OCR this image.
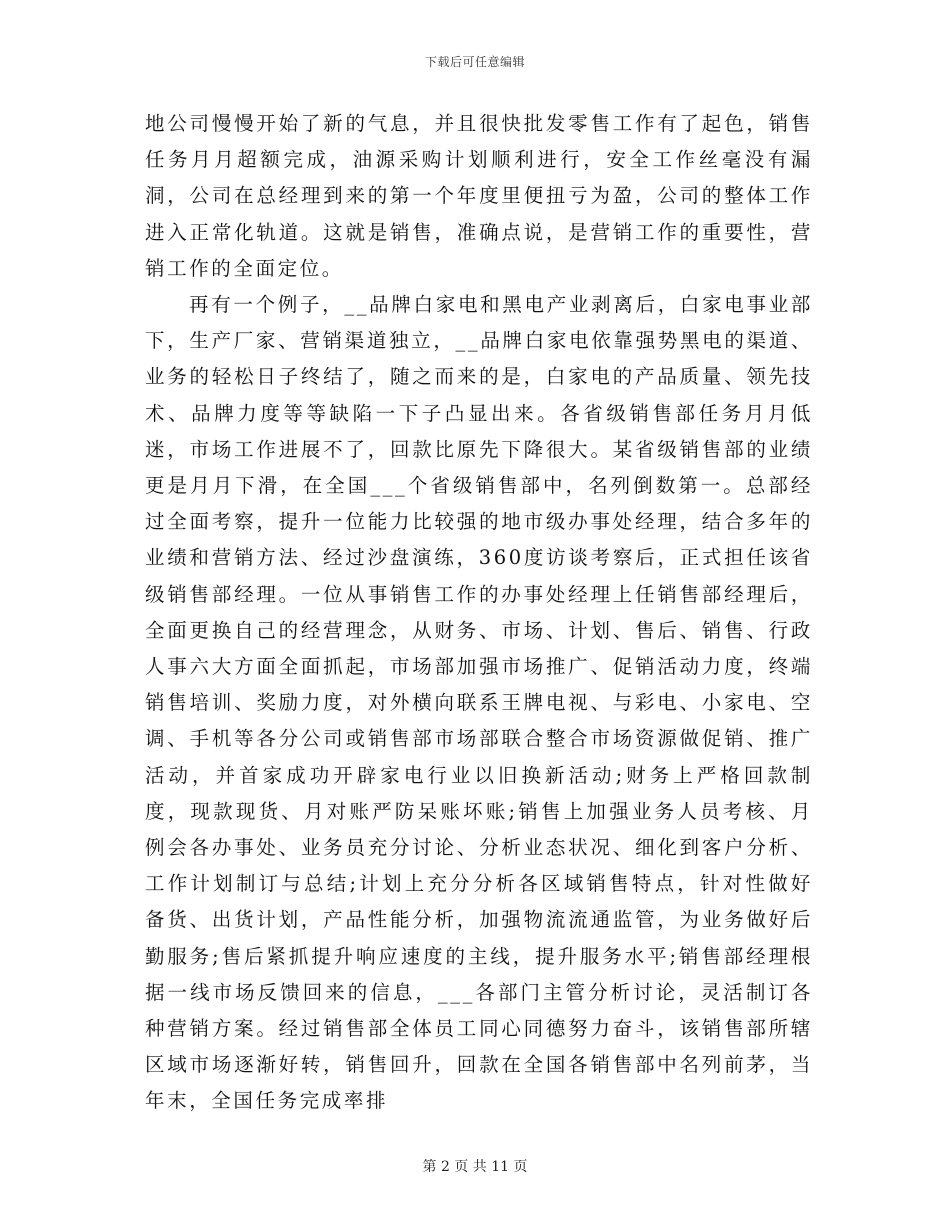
下载后可任意编辑

地公司慢慢开始了新的气息，并且很快批发零售工作有了起色，销售任务月月超额完成，油源采购计划顺利进行，安全工作丝毫没有漏洞，公司在总经理到来的第一个年度里便扭亏为盈，公司的整体工作进入正常化轨道。这就是销售，准确点说，是营销工作的重要性，营销工作的全面定位。

再有一个例子，__品牌白家电和黑电产业剥离后，白家电事业部下，生产厂家、营销渠道独立，__品牌白家电依靠强势黑电的渠道、业务的轻松日子终结了，随之而来的是，白家电的产品质量、领先技术、品牌力度等等缺陷一下子凸显出来。各省级销售部任务月月低迷，市场工作进展不了，回款比原先下降很大。某省级销售部的业绩更是月月下滑，在全国___个省级销售部中，名列倒数第一。总部经过全面考察，提升一位能力比较强的地市级办事处经理，结合多年的业绩和营销方法、经过沙盘演练，360度访谈考察后，正式担任该省级销售部经理。一位从事销售工作的办事处经理上任销售部经理后，全面更换自己的经营理念，从财务、市场、计划、售后、销售、行政人事六大方面全面抓起，市场部加强市场推广、促销活动力度，终端销售培训、奖励力度，对外横向联系王牌电视、与彩电、小家电、空调、手机等各分公司或销售部市场部联合整合市场资源做促销、推广活动，并首家成功开辟家电行业以旧换新活动;财务上严格回款制度，现款现货、月对账严防呆账坏账;销售上加强业务人员考核、月例会各办事处、业务员充分讨论、分析业态状况、细化到客户分析、工作计划制订与总结;计划上充分分析各区域销售特点，针对性做好备货、出货计划，产品性能分析，加强物流流通监管，为业务做好后勤服务;售后紧抓提升响应速度的主线，提升服务水平;销售部经理根据一线市场反馈回来的信息，___各部门主管分析讨论，灵活制订各种营销方案。经过销售部全体员工同心同德努力奋斗，该销售部所辖区域市场逐渐好转，销售回升，回款在全国各销售部中名列前茅，当年末，全国任务完成率排

第 2 页 共 11 页
